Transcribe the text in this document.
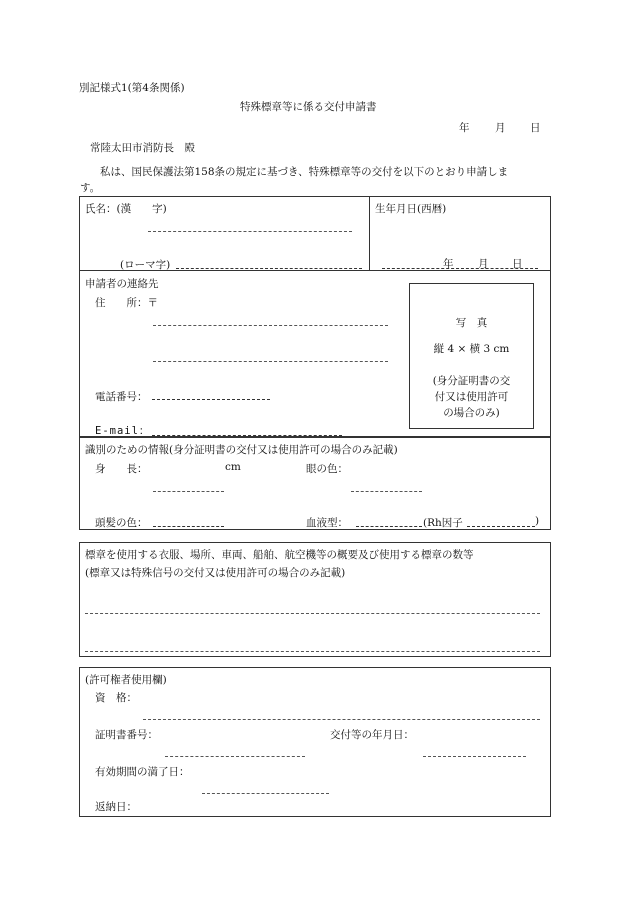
別記様式1(第4条関係)
特殊標章等に係る交付申請書
年 月 日
常陸太田市消防長　殿
私は、国民保護法第158条の規定に基づき、特殊標章等の交付を以下のとおり申請しま
す。
氏名：(漢　　字)
(ローマ字)
生年月日(西暦)
年 月 日
申請者の連絡先
住　　所：〒
電話番号：
E-mail：
写　真
縦 4 × 横 3 cm
(身分証明書の交
付又は使用許可
の場合のみ)
識別のための情報(身分証明書の交付又は使用許可の場合のみ記載)
身　　長：	cm	眼の色：
頭髪の色：	血液型：	(Rh因子	)
標章を使用する衣服、場所、車両、船舶、航空機等の概要及び使用する標章の数等
(標章又は特殊信号の交付又は使用許可の場合のみ記載)
(許可権者使用欄)
資　格：
証明書番号：	交付等の年月日：
有効期間の満了日：
返納日：
